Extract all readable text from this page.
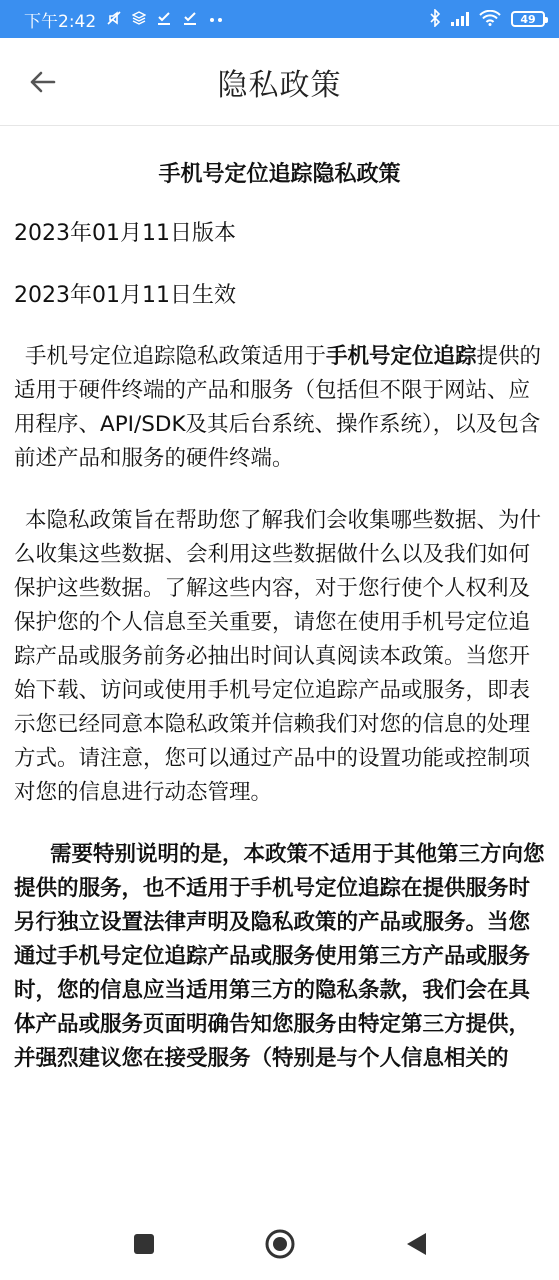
下午2:42	49
隐私政策
手机号定位追踪隐私政策
2023年01月11日版本
2023年01月11日生效

手机号定位追踪隐私政策适用于手机号定位追踪提供的适用于硬件终端的产品和服务（包括但不限于网站、应用程序、API/SDK及其后台系统、操作系统），以及包含前述产品和服务的硬件终端。

本隐私政策旨在帮助您了解我们会收集哪些数据、为什么收集这些数据、会利用这些数据做什么以及我们如何保护这些数据。了解这些内容，对于您行使个人权利及保护您的个人信息至关重要，请您在使用手机号定位追踪产品或服务前务必抽出时间认真阅读本政策。当您开始下载、访问或使用手机号定位追踪产品或服务，即表示您已经同意本隐私政策并信赖我们对您的信息的处理方式。请注意，您可以通过产品中的设置功能或控制项对您的信息进行动态管理。

需要特别说明的是，本政策不适用于其他第三方向您提供的服务，也不适用于手机号定位追踪在提供服务时另行独立设置法律声明及隐私政策的产品或服务。当您通过手机号定位追踪产品或服务使用第三方产品或服务时，您的信息应当适用第三方的隐私条款，我们会在具体产品或服务页面明确告知您服务由特定第三方提供，并强烈建议您在接受服务（特别是与个人信息相关的
